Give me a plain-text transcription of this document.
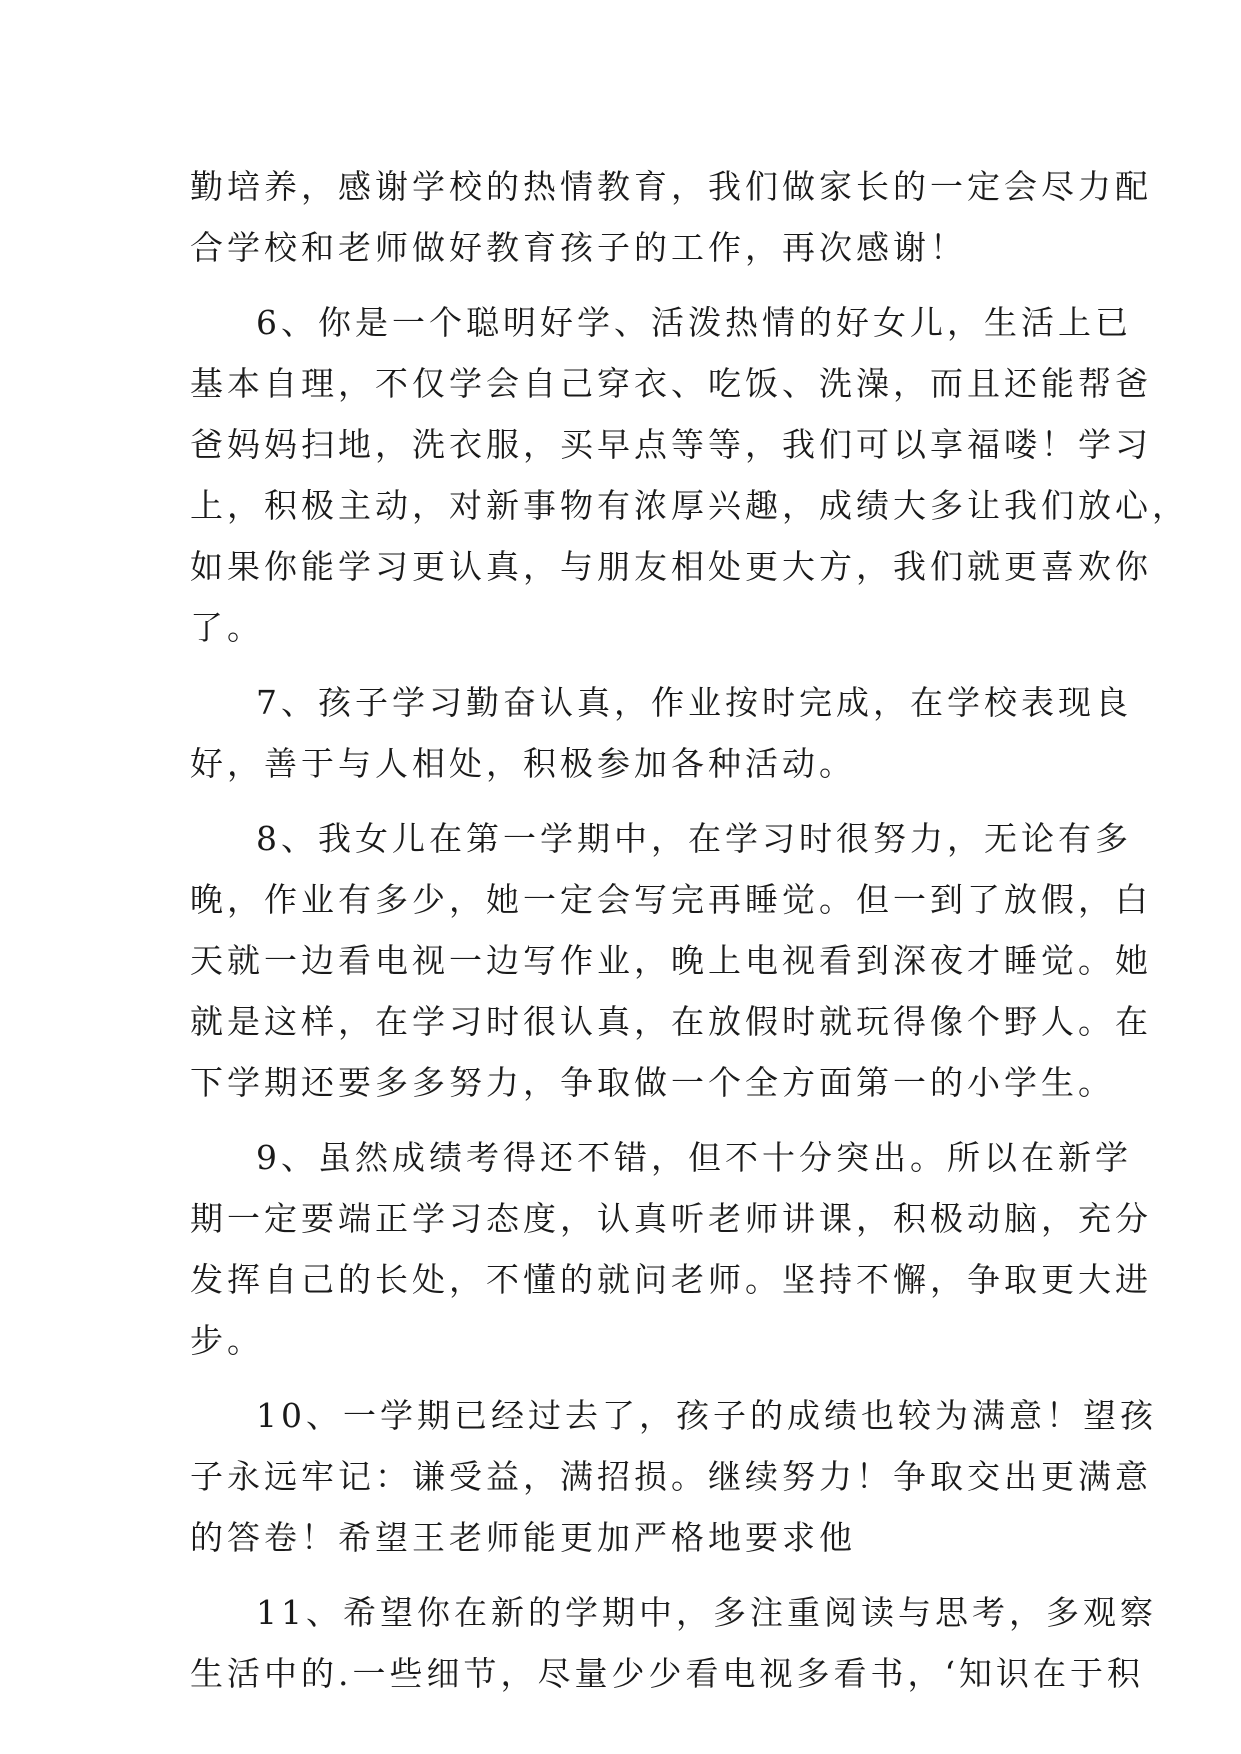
勤培养，感谢学校的热情教育，我们做家长的一定会尽力配
合学校和老师做好教育孩子的工作，再次感谢！
6、你是一个聪明好学、活泼热情的好女儿，生活上已
基本自理，不仅学会自己穿衣、吃饭、洗澡，而且还能帮爸
爸妈妈扫地，洗衣服，买早点等等，我们可以享福喽！学习
上，积极主动，对新事物有浓厚兴趣，成绩大多让我们放心，
如果你能学习更认真，与朋友相处更大方，我们就更喜欢你
了。
7、孩子学习勤奋认真，作业按时完成，在学校表现良
好，善于与人相处，积极参加各种活动。
8、我女儿在第一学期中，在学习时很努力，无论有多
晚，作业有多少，她一定会写完再睡觉。但一到了放假，白
天就一边看电视一边写作业，晚上电视看到深夜才睡觉。她
就是这样，在学习时很认真，在放假时就玩得像个野人。在
下学期还要多多努力，争取做一个全方面第一的小学生。
9、虽然成绩考得还不错，但不十分突出。所以在新学
期一定要端正学习态度，认真听老师讲课，积极动脑，充分
发挥自己的长处，不懂的就问老师。坚持不懈，争取更大进
步。
10、一学期已经过去了，孩子的成绩也较为满意！望孩
子永远牢记：谦受益，满招损。继续努力！争取交出更满意
的答卷！希望王老师能更加严格地要求他
11、希望你在新的学期中，多注重阅读与思考，多观察
生活中的.一些细节，尽量少少看电视多看书，‘知识在于积
